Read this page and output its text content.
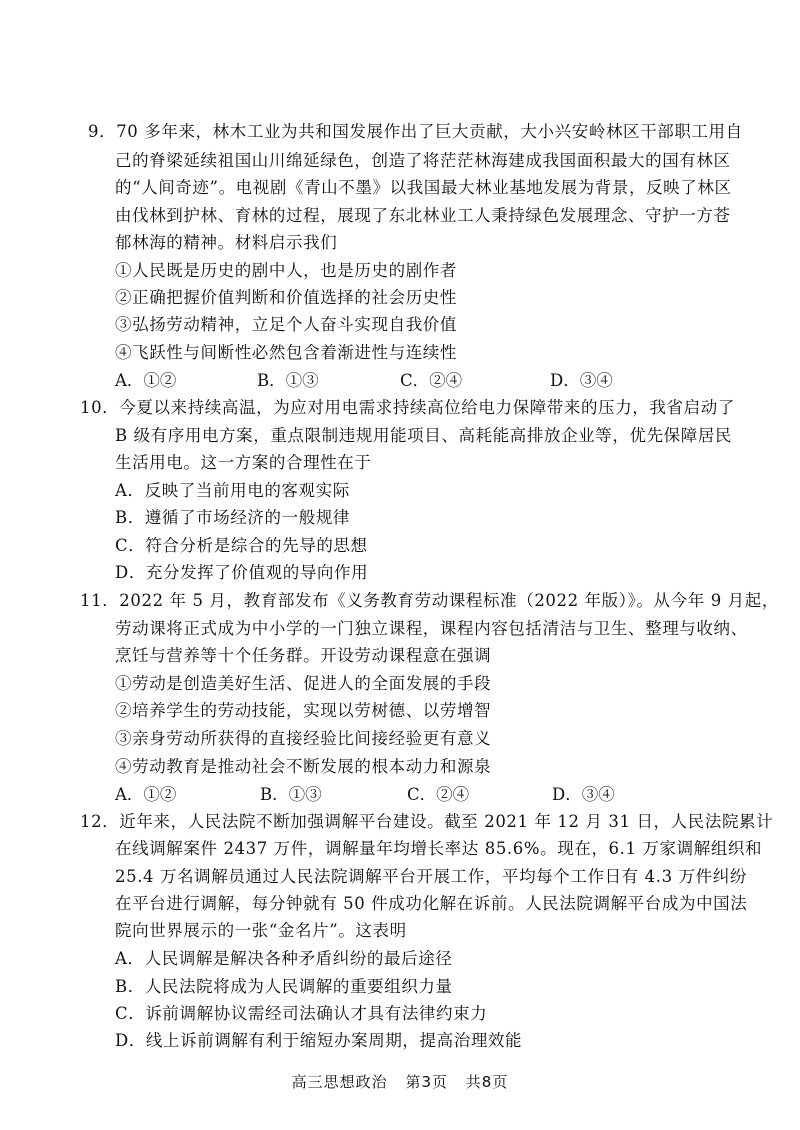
9．70 多年来，林木工业为共和国发展作出了巨大贡献，大小兴安岭林区干部职工用自
己的脊梁延续祖国山川绵延绿色，创造了将茫茫林海建成我国面积最大的国有林区
的“人间奇迹”。电视剧《青山不墨》以我国最大林业基地发展为背景，反映了林区
由伐林到护林、育林的过程，展现了东北林业工人秉持绿色发展理念、守护一方苍
郁林海的精神。材料启示我们
①人民既是历史的剧中人，也是历史的剧作者
②正确把握价值判断和价值选择的社会历史性
③弘扬劳动精神，立足个人奋斗实现自我价值
④飞跃性与间断性必然包含着渐进性与连续性
A．①②	B．①③	C．②④	D．③④
10．今夏以来持续高温，为应对用电需求持续高位给电力保障带来的压力，我省启动了
B 级有序用电方案，重点限制违规用能项目、高耗能高排放企业等，优先保障居民
生活用电。这一方案的合理性在于
A．反映了当前用电的客观实际
B．遵循了市场经济的一般规律
C．符合分析是综合的先导的思想
D．充分发挥了价值观的导向作用
11．2022 年 5 月，教育部发布《义务教育劳动课程标准（2022 年版）》。从今年 9 月起，
劳动课将正式成为中小学的一门独立课程，课程内容包括清洁与卫生、整理与收纳、
烹饪与营养等十个任务群。开设劳动课程意在强调
①劳动是创造美好生活、促进人的全面发展的手段
②培养学生的劳动技能，实现以劳树德、以劳增智
③亲身劳动所获得的直接经验比间接经验更有意义
④劳动教育是推动社会不断发展的根本动力和源泉
A．①②	B．①③	C．②④	D．③④
12．近年来，人民法院不断加强调解平台建设。截至 2021 年 12 月 31 日，人民法院累计
在线调解案件 2437 万件，调解量年均增长率达 85.6%。现在，6.1 万家调解组织和
25.4 万名调解员通过人民法院调解平台开展工作，平均每个工作日有 4.3 万件纠纷
在平台进行调解，每分钟就有 50 件成功化解在诉前。人民法院调解平台成为中国法
院向世界展示的一张“金名片”。这表明
A．人民调解是解决各种矛盾纠纷的最后途径
B．人民法院将成为人民调解的重要组织力量
C．诉前调解协议需经司法确认才具有法律约束力
D．线上诉前调解有利于缩短办案周期，提高治理效能
高三思想政治 第3页 共8页
